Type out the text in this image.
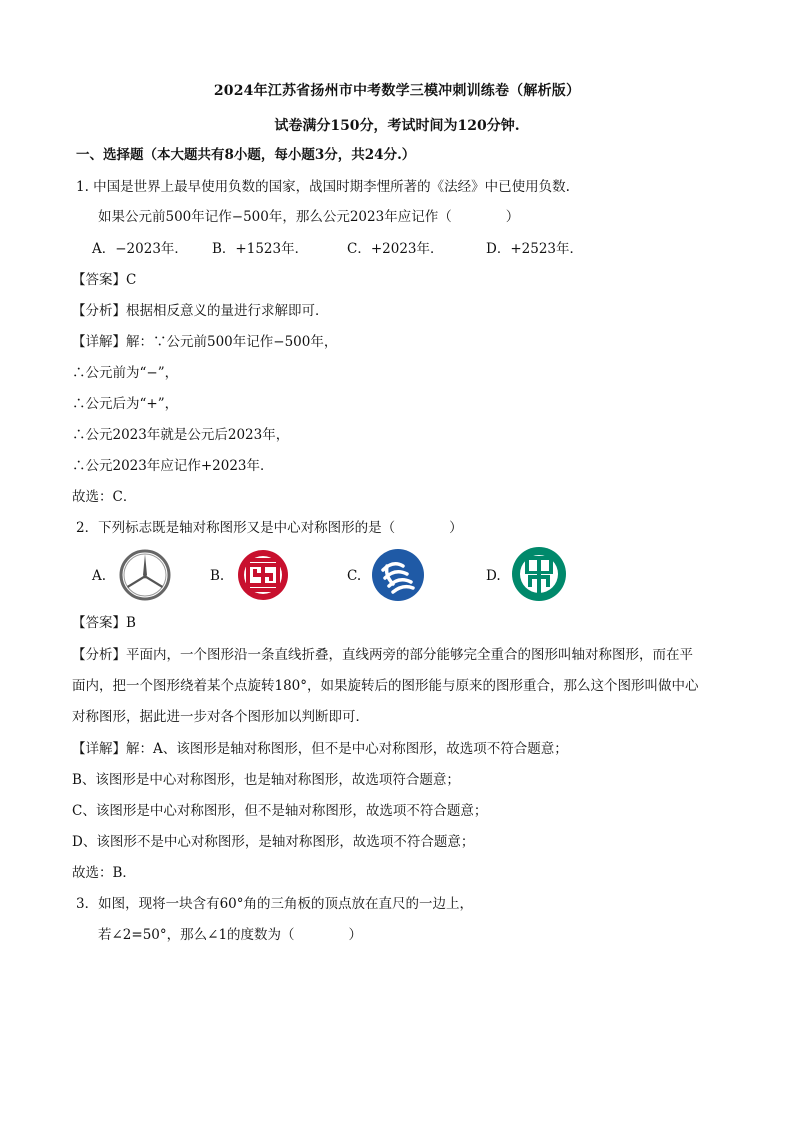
2024年江苏省扬州市中考数学三模冲刺训练卷（解析版）
试卷满分150分，考试时间为120分钟.
一、选择题（本大题共有8小题，每小题3分，共24分.）
1. 中国是世界上最早使用负数的国家，战国时期李悝所著的《法经》中已使用负数.
如果公元前500年记作−500年，那么公元2023年应记作（　　　　）
A．−2023年． B．+1523年．	C．+2023年．	D．+2523年．
【答案】C
【分析】根据相反意义的量进行求解即可．
【详解】解：∵公元前500年记作−500年，
∴公元前为“−”，
∴公元后为“+”，
∴公元2023年就是公元后2023年，
∴公元2023年应记作+2023年．
故选：C．
2．下列标志既是轴对称图形又是中心对称图形的是（　　　　）
A.	B.	C.	D.
【答案】B
【分析】平面内，一个图形沿一条直线折叠，直线两旁的部分能够完全重合的图形叫轴对称图形，而在平
面内，把一个图形绕着某个点旋转180°，如果旋转后的图形能与原来的图形重合，那么这个图形叫做中心
对称图形，据此进一步对各个图形加以判断即可．
【详解】解：A、该图形是轴对称图形，但不是中心对称图形，故选项不符合题意；
B、该图形是中心对称图形，也是轴对称图形，故选项符合题意；
C、该图形是中心对称图形，但不是轴对称图形，故选项不符合题意；
D、该图形不是中心对称图形，是轴对称图形，故选项不符合题意；
故选：B．
3．如图，现将一块含有60°角的三角板的顶点放在直尺的一边上，
若∠2=50°，那么∠1的度数为（　　　　）
